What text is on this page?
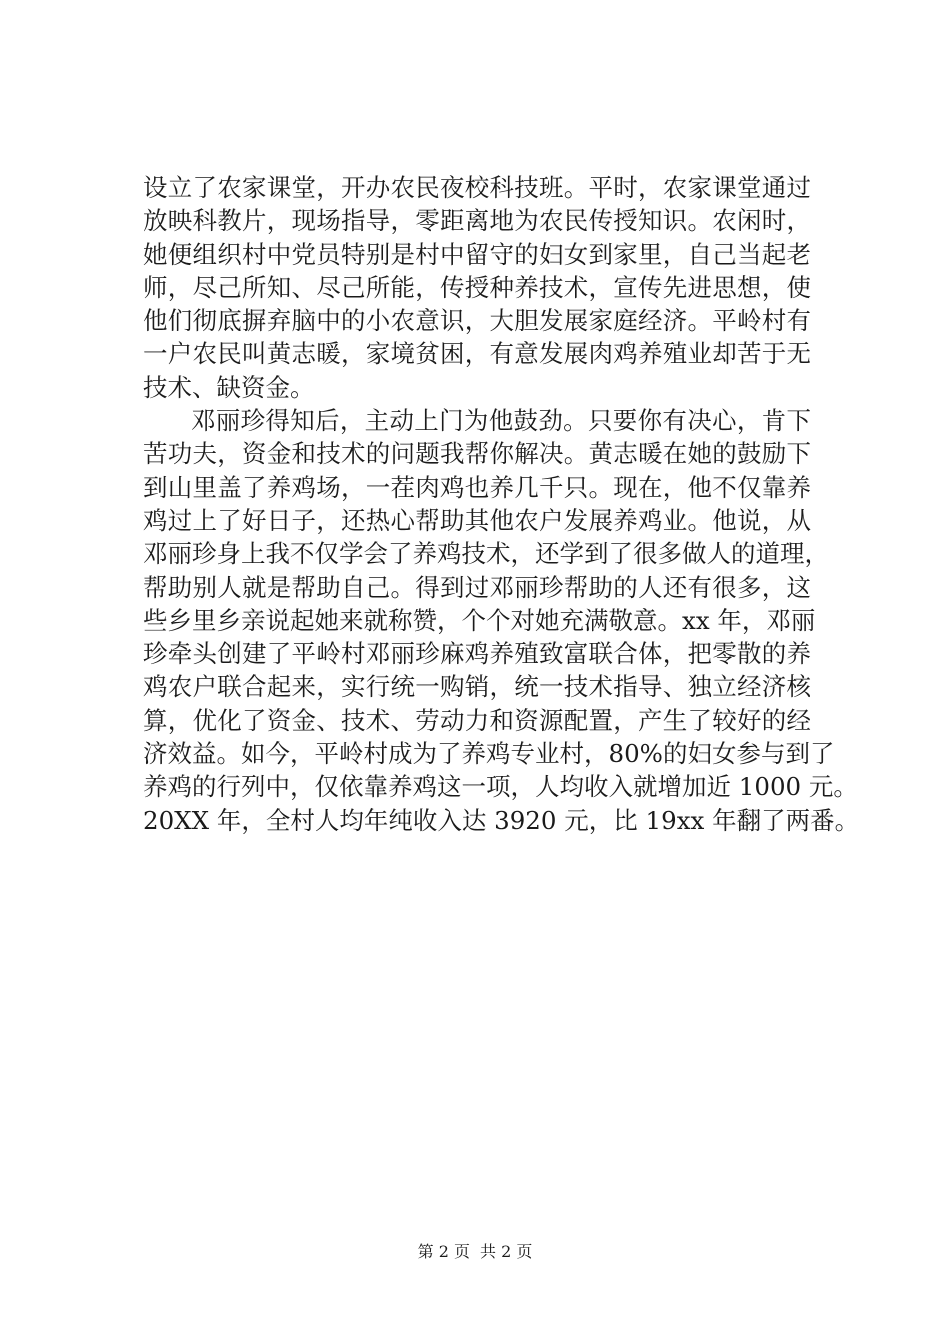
设立了农家课堂，开办农民夜校科技班。平时，农家课堂通过
放映科教片，现场指导，零距离地为农民传授知识。农闲时，
她便组织村中党员特别是村中留守的妇女到家里，自己当起老
师，尽己所知、尽己所能，传授种养技术，宣传先进思想，使
他们彻底摒弃脑中的小农意识，大胆发展家庭经济。平岭村有
一户农民叫黄志暖，家境贫困，有意发展肉鸡养殖业却苦于无
技术、缺资金。
邓丽珍得知后，主动上门为他鼓劲。只要你有决心，肯下
苦功夫，资金和技术的问题我帮你解决。黄志暖在她的鼓励下
到山里盖了养鸡场，一茬肉鸡也养几千只。现在，他不仅靠养
鸡过上了好日子，还热心帮助其他农户发展养鸡业。他说，从
邓丽珍身上我不仅学会了养鸡技术，还学到了很多做人的道理，
帮助别人就是帮助自己。得到过邓丽珍帮助的人还有很多，这
些乡里乡亲说起她来就称赞，个个对她充满敬意。xx 年，邓丽
珍牵头创建了平岭村邓丽珍麻鸡养殖致富联合体，把零散的养
鸡农户联合起来，实行统一购销，统一技术指导、独立经济核
算，优化了资金、技术、劳动力和资源配置，产生了较好的经
济效益。如今，平岭村成为了养鸡专业村，80%的妇女参与到了
养鸡的行列中，仅依靠养鸡这一项，人均收入就增加近 1000 元。
20XX 年，全村人均年纯收入达 3920 元，比 19xx 年翻了两番。
第 2 页 共 2 页
